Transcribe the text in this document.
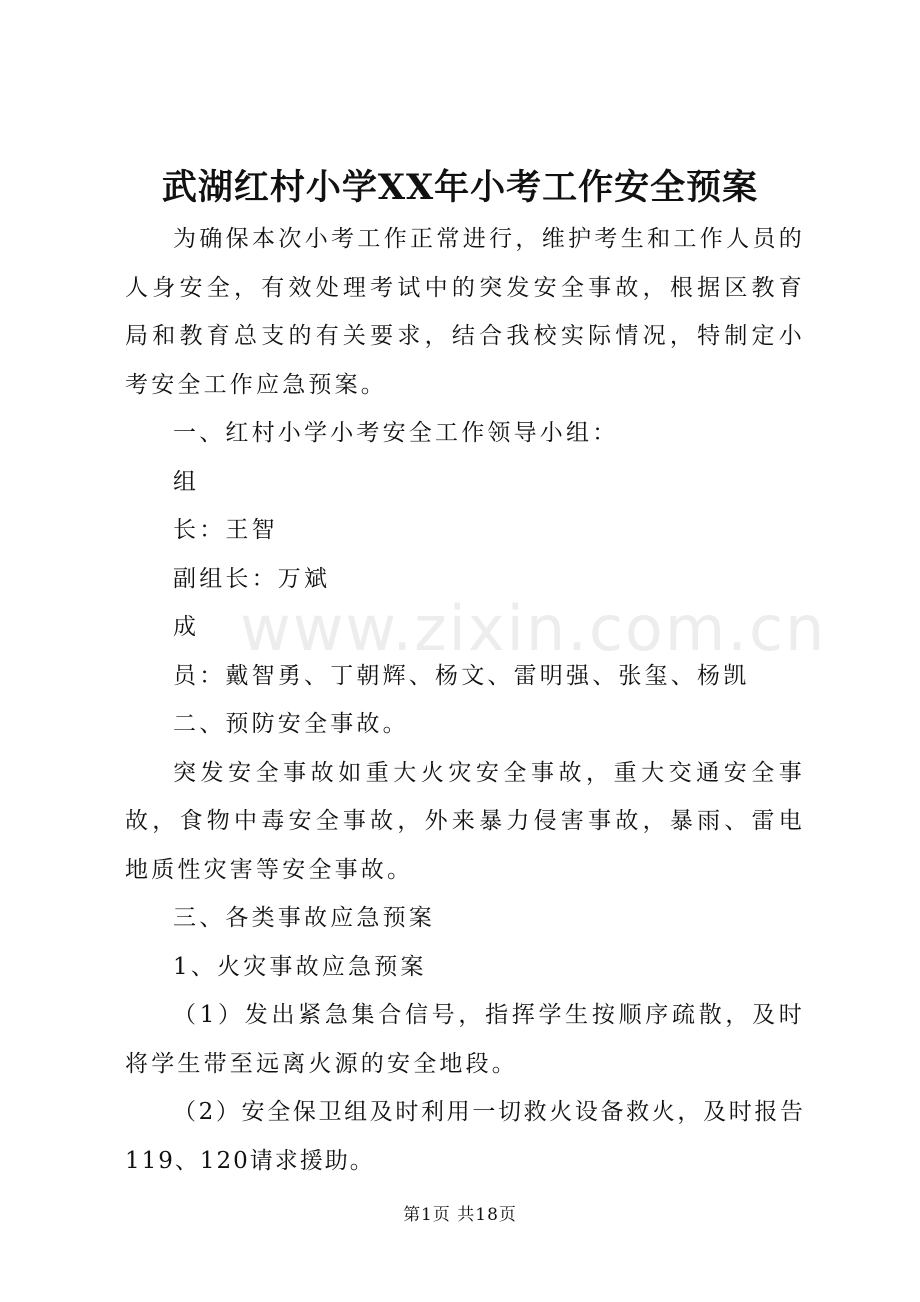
www.zixin.com.cn
武湖红村小学XX年小考工作安全预案

为确保本次小考工作正常进行，维护考生和工作人员的人身安全，有效处理考试中的突发安全事故，根据区教育局和教育总支的有关要求，结合我校实际情况，特制定小考安全工作应急预案。

一、红村小学小考安全工作领导小组：

组

长：王智

副组长：万斌

成

员：戴智勇、丁朝辉、杨文、雷明强、张玺、杨凯

二、预防安全事故。

突发安全事故如重大火灾安全事故，重大交通安全事故，食物中毒安全事故，外来暴力侵害事故，暴雨、雷电地质性灾害等安全事故。

三、各类事故应急预案

1、火灾事故应急预案

（1）发出紧急集合信号，指挥学生按顺序疏散，及时将学生带至远离火源的安全地段。

（2）安全保卫组及时利用一切救火设备救火，及时报告119、120请求援助。

第1页 共18页
